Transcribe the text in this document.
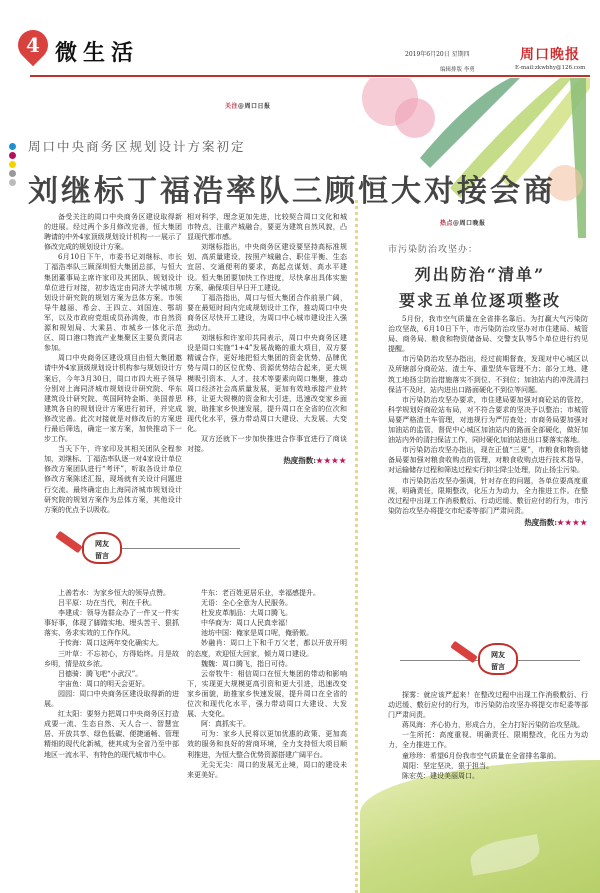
4 微生活	2019年6月20日 星期四	周口晚报
编辑排版 李勇	E-mail:zkwbhy@126.com
关注@周口日报
周口中央商务区规划设计方案初定
刘继标丁福浩率队三顾恒大对接会商

备受关注的周口中央商务区建设取得新的进展。经过两个多月修改完善，恒大集团聘请的中外4家顶级规划设计机构一一展示了修改完成的规划设计方案。

6月10日下午，市委书记刘继标、市长丁福浩率队三顾深圳恒大集团总部，与恒大集团董事局主席许家印及其团队、规划设计单位进行对接，初步选定由同济大学城市规划设计研究院的规划方案为总体方案。市领导牛越丽、希会、王四立、刘国连、鄂胡军，以及市政府党组成员孙鸿俊，市自然资源和规划局、大乘县、市城乡一体化示范区、周口港口物流产业集聚区主要负责同志参加。

周口中央商务区建设项目由恒大集团邀请中外4家顶级规划设计机构参与规划设计方案后，今年3月30日，周口市四大班子领导分别对上海同济城市规划设计研究院、华东建筑设计研究院、英国阿特金斯、美国普思建筑各自的规划设计方案进行初评，并完成修改完善。此次对接就是对修改后的方案进行最后筛选，确定一家方案，加快推动下一步工作。

当天下午，许家印及其相关团队全程参加，刘继标、丁福浩率队逐一对4家设计单位修改方案团队进行“考评”，听取各设计单位修改方案陈述汇报，现场就有关设计问题进行交流。最终确定由上海同济城市规划设计研究院的规划方案作为总体方案，其他设计方案的优点予以吸收。

相对科学，理念更加先进，比较契合周口文化和城市特点，注重产城融合，要更为建筑自然风貌，凸显现代都市感。

刘继标指出，中央商务区建设要坚持高标准规划、高质量建设，按照产城融合、职住平衡、生态宜居、交通便利的要求，高起点谋划、高水平建设。恒大集团要加快工作进度，尽快拿出具体实施方案，确保项目早日开工建设。

丁福浩指出，周口与恒大集团合作前景广阔，要在最短时间内完成规划设计工作，推动周口中央商务区尽快开工建设，为周口中心城市建设注入强劲动力。

刘继标和许家印共同表示，周口中央商务区建设是周口实施“1+4”发展战略的重大项目，双方要精诚合作，更好地把恒大集团的资金优势、品牌优势与周口的区位优势、资源优势结合起来，更大规模吸引资本、人才、技术等要素向周口集聚，推动周口经济社会高质量发展，更加有效地承接产业转移，让更大规模的资金和大引进，迅速改变家乡面貌，助推家乡快速发展，提升周口在全省的位次和现代化水平，强力带动周口大建设、大发展、大变化。

双方还就下一步加快推进合作事宜进行了商谈对接。

热度指数:★★★★
网友
留言

上善若水：为家乡恒大的领导点赞。

吕平原：功在当代，利在千秋。

李建成：领导为群众办了一件又一件实事好事，体现了脚踏实地、埋头苦干、狠抓落实、务求实效的工作作风。

于传海：周口这两年变化确实大。

三叶草：不忘初心，方得始终。月是故乡明，情是故乡浓。

吕德骑：腾飞吧“小武汉”。

宇宙鱼：周口的明天会更好。

园园：周口中央商务区建设取得新的进展。

红太阳：要努力把周口中央商务区打造成要一流、生态自然、天人合一、智慧宜居、开放共享、绿色低碳、便捷通畅、管理精细的现代化新城，使其成为全省乃至中部地区一流水平、有特色的现代城市中心。

牛东：老百姓更居乐业，幸福感提升。

无语：全心全意为人民服务。

杜发皮革制品：大周口腾飞。

中华商为：周口人民真幸福！

池坊中国：俺家是周口呢，俺骄傲。

妙融肖：周口上下和千万父老，都以开放开明的态度，欢迎恒大回家，倾力周口建设。

魏魏：周口腾飞，指日可待。

云帝牧牛：相信周口在恒大集团的带动和影响下，实现更大规模更高引资和更大引进，迅速改变家乡面貌，助推家乡快速发展，提升周口在全省的位次和现代化水平，强力带动周口大建设、大发展、大变化。

阿：真抓实干。

可为：家乡人民将以更加优惠的政策、更加高效的服务和良好的营商环境，全力支持恒大项目顺利推进，为恒大整合优势资源搭建广阔平台。

无尖无尖：周口的发展无止境，周口的建设未来更美好。

热点@周口晚报
市污染防治攻坚办：
列出防治“清单”
要求五单位逐项整改

5月份，我市空气质量在全省排名靠后。为打赢大气污染防治攻坚战，6月10日下午，市污染防治攻坚办对市住建局、城管局、商务局、粮食和物资储备局、交警支队等5个单位进行约见提醒。

市污染防治攻坚办指出，经过前期督查，发现对中心城区以及所辖部分商砼站、渣土车、重型货车管理不力；部分工地、建筑工地扬尘防治措施落实不到位、不到位；加油站内的冲洗清扫保洁不及时，站内进出口路面硬化不到位等问题。

市污染防治攻坚办要求，市住建局要加强对商砼站的管控，科学规划好商砼站布局，对不符合要求的坚决予以整治；市城管局要严格渣土车管理，对违规行为严厉查处；市商务局要加强对加油站的监管，督促中心城区加油站内的路面全部硬化，做好加油站内外的清扫保洁工作，同时硬化加油站进出口要落实落地。

市污染防治攻坚办指出，现在正值“三夏”，市粮食和物资储备局要加强对粮食收购点的管理，对粮食收购点进行技术指导，对运输储存过程和筛选过程实行抑尘降尘处理，防止扬尘污染。

市污染防治攻坚办强调，针对存在的问题，各单位要高度重视，明确责任，限期整改，化压力为动力，全力推进工作。在整改过程中出现工作消极敷衍、行动迟缓、敷衍应付的行为，市污染防治攻坚办将提交市纪委等部门严肃问责。

热度指数:★★★★
网友
留言

探雾：就应该严起来！在整改过程中出现工作消极敷衍、行动迟缓、敷衍应付的行为，市污染防治攻坚办将提交市纪委等部门严肃问责。

蒋凤海：齐心协力，形成合力，全力打好污染防治攻坚战。

一生所托：高度重视、明确责任、限期整改，化压力为动力，全力推进工作。

童珍珍：希望6月份我市空气质量在全省排名靠前。

周阳：坚定坚决，狠于担当。

陈宏英：建设美丽周口。
